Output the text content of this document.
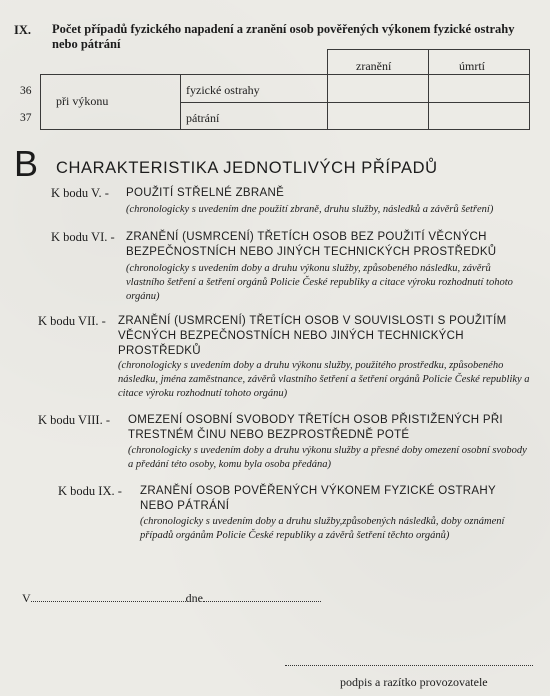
IX. Počet případů fyzického napadení a zranění osob pověřených výkonem fyzické ostrahy nebo pátrání
zranění	úmrtí
při výkonu
fyzické ostrahy
pátrání
36
37
B CHARAKTERISTIKA JEDNOTLIVÝCH PŘÍPADŮ
K bodu V. - POUŽITÍ STŘELNÉ ZBRANĚ
(chronologicky s uvedením dne použití zbraně, druhu služby, následků a závěrů šetření)
K bodu VI. - ZRANĚNÍ (USMRCENÍ) TŘETÍCH OSOB BEZ POUŽITÍ VĚCNÝCH BEZPEČNOSTNÍCH NEBO JINÝCH TECHNICKÝCH PROSTŘEDKŮ
(chronologicky s uvedením doby a druhu výkonu služby, způsobeného následku, závěrů vlastního šetření a šetření orgánů Policie České republiky a citace výroku rozhodnutí tohoto orgánu)
K bodu VII. - ZRANĚNÍ (USMRCENÍ) TŘETÍCH OSOB V SOUVISLOSTI S POUŽITÍM VĚCNÝCH BEZPEČNOSTNÍCH NEBO JINÝCH TECHNICKÝCH PROSTŘEDKŮ
(chronologicky s uvedením doby a druhu výkonu služby, použitého prostředku, způsobeného následku, jména zaměstnance, závěrů vlastního šetření a šetření orgánů Policie České republiky a citace výroku rozhodnutí tohoto orgánu)
K bodu VIII. - OMEZENÍ OSOBNÍ SVOBODY TŘETÍCH OSOB PŘISTIŽENÝCH PŘI TRESTNÉM ČINU NEBO BEZPROSTŘEDNĚ POTÉ
(chronologicky s uvedením doby a druhu výkonu služby a přesné doby omezení osobní svobody a předání této osoby, komu byla osoba předána)
K bodu IX. - ZRANĚNÍ OSOB POVĚŘENÝCH VÝKONEM FYZICKÉ OSTRAHY NEBO PÁTRÁNÍ
(chronologicky s uvedením doby a druhu služby,způsobených následků, doby oznámení případů orgánům Policie České republiky a závěrů šetření těchto orgánů)
V	dne
podpis a razítko provozovatele
